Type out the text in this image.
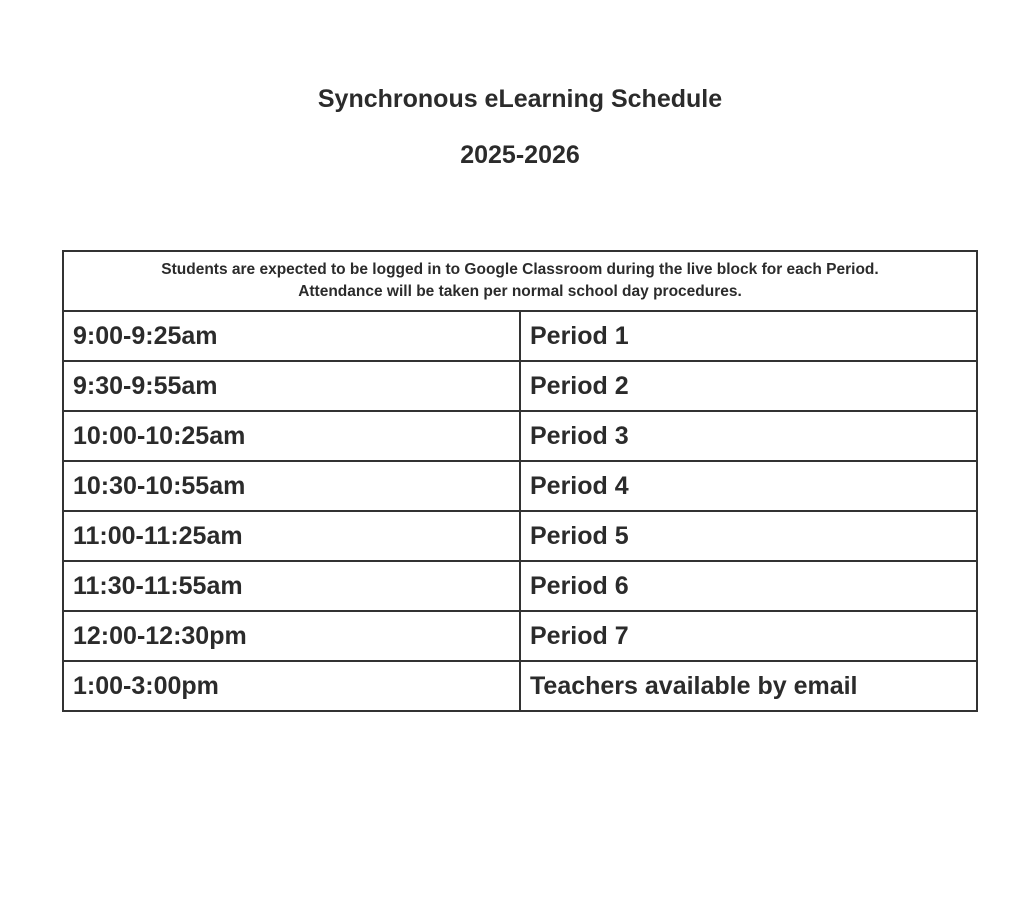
Synchronous eLearning Schedule
2025-2026
Students are expected to be logged in to Google Classroom during the live block for each Period.
Attendance will be taken per normal school day procedures.	

9:00-9:25am	Period 1
9:30-9:55am	Period 2
10:00-10:25am	Period 3
10:30-10:55am	Period 4
11:00-11:25am	Period 5
11:30-11:55am	Period 6
12:00-12:30pm	Period 7
1:00-3:00pm	Teachers available by email
